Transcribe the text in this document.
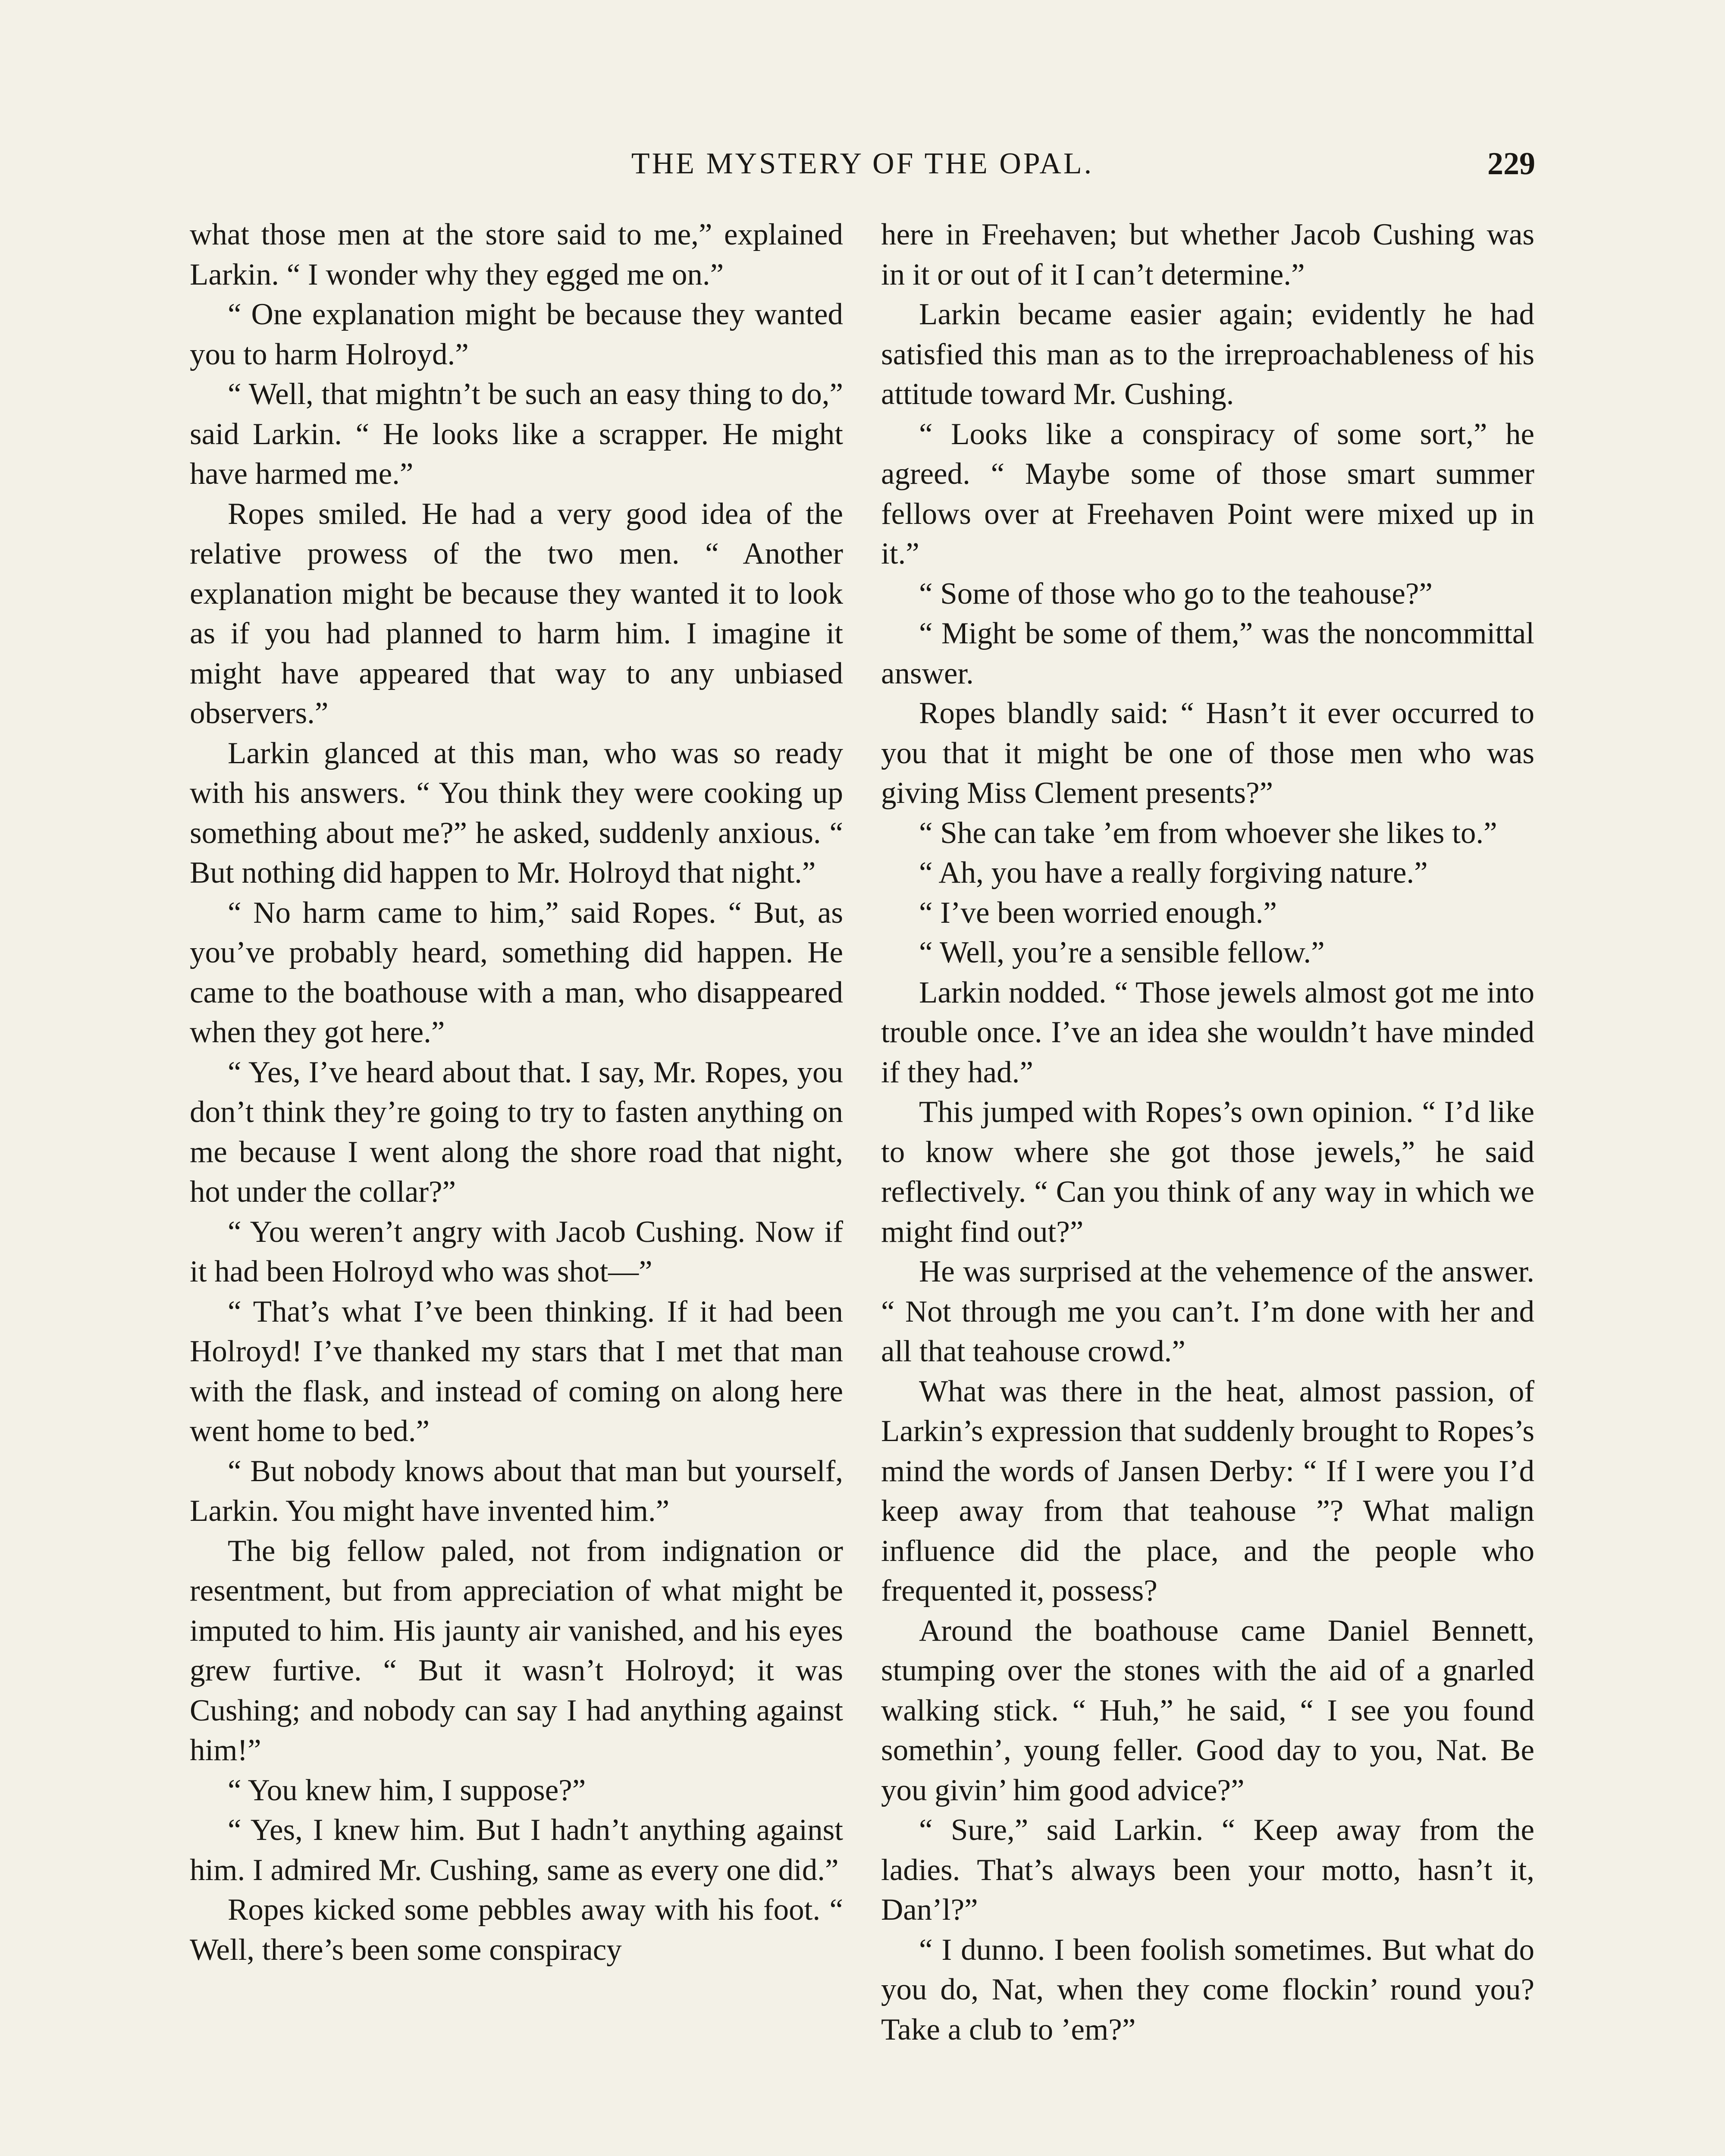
THE MYSTERY OF THE OPAL.	229

what those men at the store said to me,” explained Larkin. “ I wonder why they egged me on.”

“ One explanation might be because they wanted you to harm Holroyd.”

“ Well, that mightn’t be such an easy thing to do,” said Larkin. “ He looks like a scrapper. He might have harmed me.”

Ropes smiled. He had a very good idea of the relative prowess of the two men. “ Another explanation might be because they wanted it to look as if you had planned to harm him. I imagine it might have appeared that way to any unbiased observers.”

Larkin glanced at this man, who was so ready with his answers. “ You think they were cooking up something about me?” he asked, suddenly anxious. “ But nothing did happen to Mr. Holroyd that night.”

“ No harm came to him,” said Ropes. “ But, as you’ve probably heard, something did happen. He came to the boathouse with a man, who disappeared when they got here.”

“ Yes, I’ve heard about that. I say, Mr. Ropes, you don’t think they’re going to try to fasten anything on me because I went along the shore road that night, hot under the collar?”

“ You weren’t angry with Jacob Cushing. Now if it had been Holroyd who was shot—”

“ That’s what I’ve been thinking. If it had been Holroyd! I’ve thanked my stars that I met that man with the flask, and instead of coming on along here went home to bed.”

“ But nobody knows about that man but yourself, Larkin. You might have invented him.”

The big fellow paled, not from indignation or resentment, but from appreciation of what might be imputed to him. His jaunty air vanished, and his eyes grew furtive. “ But it wasn’t Holroyd; it was Cushing; and nobody can say I had anything against him!”

“ You knew him, I suppose?”

“ Yes, I knew him. But I hadn’t anything against him. I admired Mr. Cushing, same as every one did.”

Ropes kicked some pebbles away with his foot. “ Well, there’s been some conspiracy

here in Freehaven; but whether Jacob Cushing was in it or out of it I can’t determine.”

Larkin became easier again; evidently he had satisfied this man as to the irreproachableness of his attitude toward Mr. Cushing.

“ Looks like a conspiracy of some sort,” he agreed. “ Maybe some of those smart summer fellows over at Freehaven Point were mixed up in it.”

“ Some of those who go to the teahouse?”

“ Might be some of them,” was the noncommittal answer.

Ropes blandly said: “ Hasn’t it ever occurred to you that it might be one of those men who was giving Miss Clement presents?”

“ She can take ’em from whoever she likes to.”

“ Ah, you have a really forgiving nature.”

“ I’ve been worried enough.”

“ Well, you’re a sensible fellow.”

Larkin nodded. “ Those jewels almost got me into trouble once. I’ve an idea she wouldn’t have minded if they had.”

This jumped with Ropes’s own opinion. “ I’d like to know where she got those jewels,” he said reflectively. “ Can you think of any way in which we might find out?”

He was surprised at the vehemence of the answer. “ Not through me you can’t. I’m done with her and all that teahouse crowd.”

What was there in the heat, almost passion, of Larkin’s expression that suddenly brought to Ropes’s mind the words of Jansen Derby: “ If I were you I’d keep away from that teahouse ”? What malign influence did the place, and the people who frequented it, possess?

Around the boathouse came Daniel Bennett, stumping over the stones with the aid of a gnarled walking stick. “ Huh,” he said, “ I see you found somethin’, young feller. Good day to you, Nat. Be you givin’ him good advice?”

“ Sure,” said Larkin. “ Keep away from the ladies. That’s always been your motto, hasn’t it, Dan’l?”

“ I dunno. I been foolish sometimes. But what do you do, Nat, when they come flockin’ round you? Take a club to ’em?”
